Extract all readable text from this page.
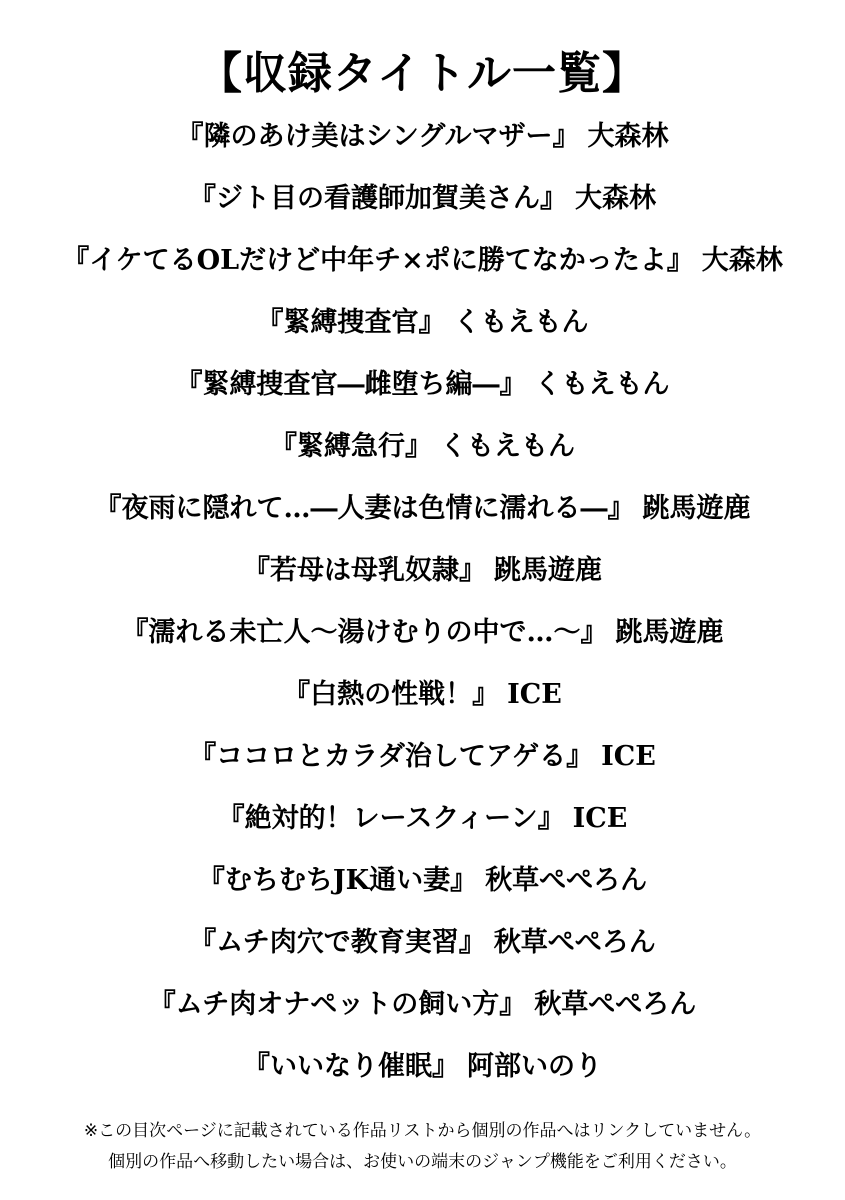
【収録タイトル一覧】
『隣のあけ美はシングルマザー』 大森林
『ジト目の看護師加賀美さん』 大森林
『イケてるOLだけど中年チ×ポに勝てなかったよ』 大森林
『緊縛捜査官』 くもえもん
『緊縛捜査官―雌堕ち編―』 くもえもん
『緊縛急行』 くもえもん
『夜雨に隠れて…―人妻は色情に濡れる―』 跳馬遊鹿
『若母は母乳奴隷』 跳馬遊鹿
『濡れる未亡人～湯けむりの中で…～』 跳馬遊鹿
『白熱の性戦！』 ICE
『ココロとカラダ治してアゲる』 ICE
『絶対的！レースクィーン』 ICE
『むちむちJK通い妻』 秋草ぺぺろん
『ムチ肉穴で教育実習』 秋草ぺぺろん
『ムチ肉オナペットの飼い方』 秋草ぺぺろん
『いいなり催眠』 阿部いのり
※この目次ページに記載されている作品リストから個別の作品へはリンクしていません。
個別の作品へ移動したい場合は、お使いの端末のジャンプ機能をご利用ください。
